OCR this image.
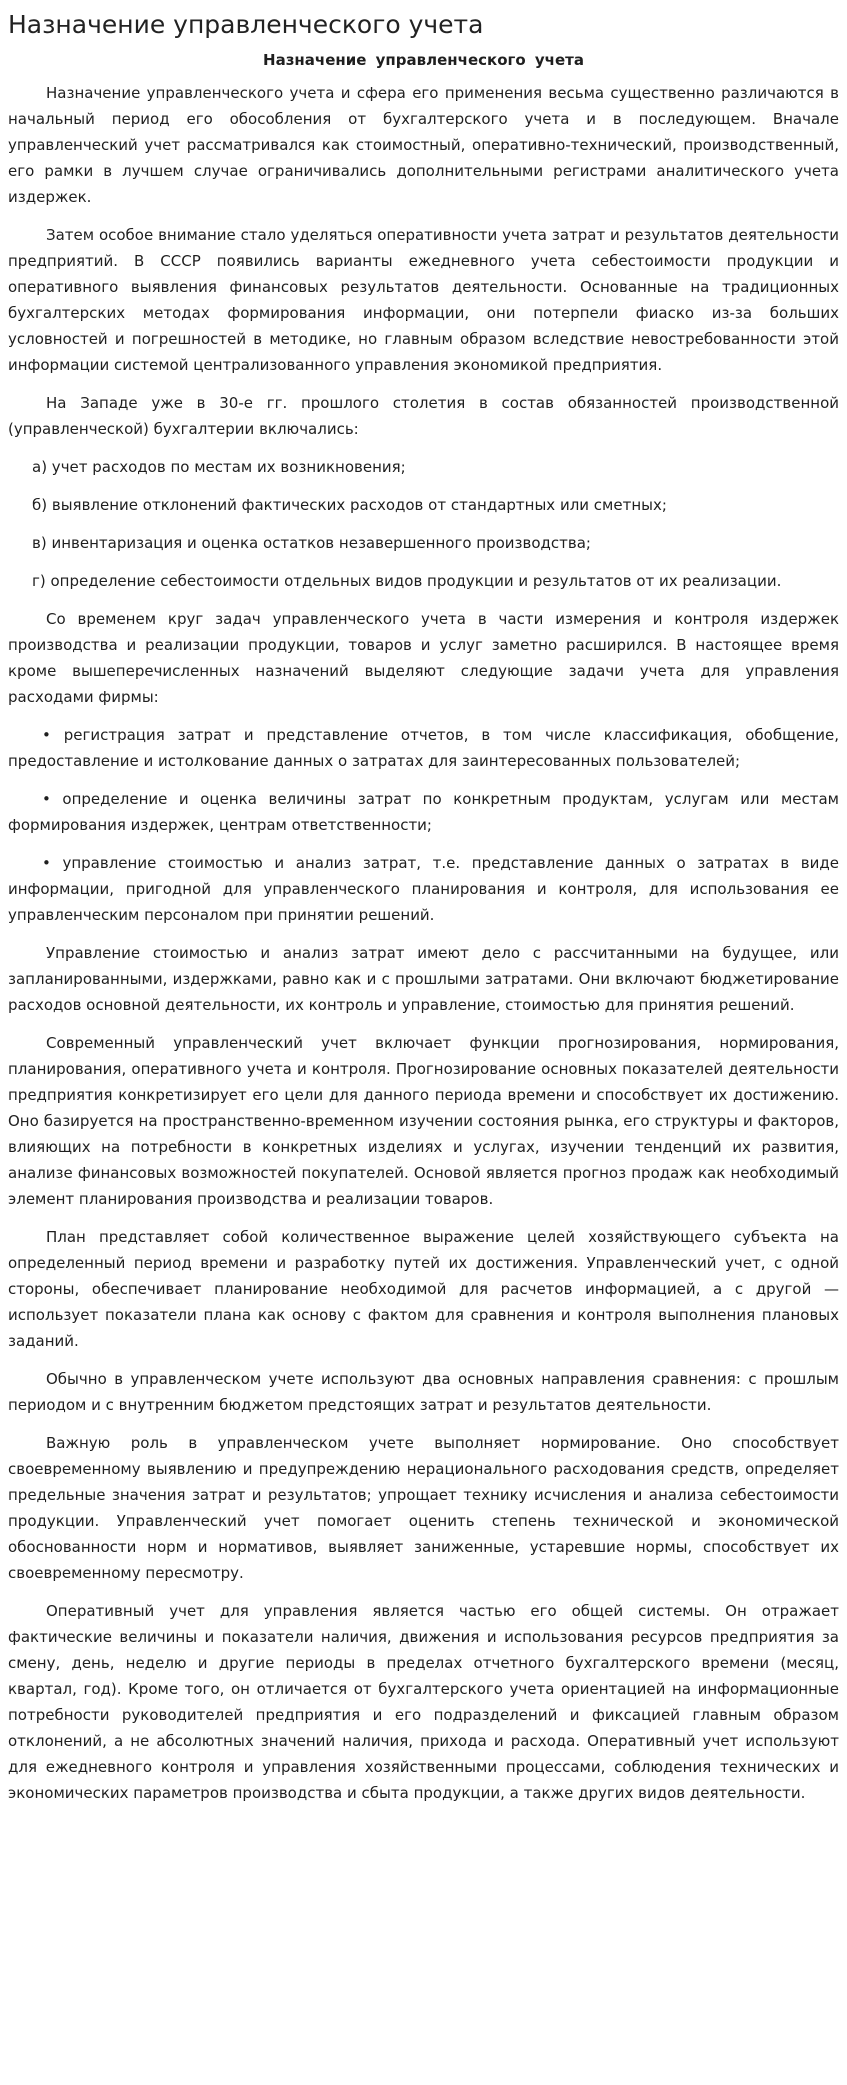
Назначение управленческого учета
Назначение управленческого учета

Назначение управленческого учета и сфера его применения весьма существенно различаются в начальный период его обособления от бухгалтерского учета и в последующем. Вначале управленческий учет рассматривался как стоимостный, оперативно-технический, производственный, его рамки в лучшем случае ограничивались дополнительными регистрами аналитического учета издержек.

Затем особое внимание стало уделяться оперативности учета затрат и результатов деятельности предприятий. В СССР появились варианты ежедневного учета себестоимости продукции и оперативного выявления финансовых результатов деятельности. Основанные на традиционных бухгалтерских методах формирования информации, они потерпели фиаско из-за больших условностей и погрешностей в методике, но главным образом вследствие невостребованности этой информации системой централизованного управления экономикой предприятия.

На Западе уже в 30-е гг. прошлого столетия в состав обязанностей производственной (управленческой) бухгалтерии включались:

а) учет расходов по местам их возникновения;

б) выявление отклонений фактических расходов от стандартных или сметных;

в) инвентаризация и оценка остатков незавершенного производства;

г) определение себестоимости отдельных видов продукции и результатов от их реализации.

Со временем круг задач управленческого учета в части измерения и контроля издержек производства и реализации продукции, товаров и услуг заметно расширился. В настоящее время кроме вышеперечисленных назначений выделяют следующие задачи учета для управления расходами фирмы:

• регистрация затрат и представление отчетов, в том числе классификация, обобщение, предоставление и истолкование данных о затратах для заинтересованных пользователей;

• определение и оценка величины затрат по конкретным продуктам, услугам или местам формирования издержек, центрам ответственности;

• управление стоимостью и анализ затрат, т.е. представление данных о затратах в виде информации, пригодной для управленческого планирования и контроля, для использования ее управленческим персоналом при принятии решений.

Управление стоимостью и анализ затрат имеют дело с рассчитанными на будущее, или запланированными, издержками, равно как и с прошлыми затратами. Они включают бюджетирование расходов основной деятельности, их контроль и управление, стоимостью для принятия решений.

Современный управленческий учет включает функции прогнозирования, нормирования, планирования, оперативного учета и контроля. Прогнозирование основных показателей деятельности предприятия конкретизирует его цели для данного периода времени и способствует их достижению. Оно базируется на пространственно-временном изучении состояния рынка, его структуры и факторов, влияющих на потребности в конкретных изделиях и услугах, изучении тенденций их развития, анализе финансовых возможностей покупателей. Основой является прогноз продаж как необходимый элемент планирования производства и реализации товаров.

План представляет собой количественное выражение целей хозяйствующего субъекта на определенный период времени и разработку путей их достижения. Управленческий учет, с одной стороны, обеспечивает планирование необходимой для расчетов информацией, а с другой — использует показатели плана как основу с фактом для сравнения и контроля выполнения плановых заданий.

Обычно в управленческом учете используют два основных направления сравнения: с прошлым периодом и с внутренним бюджетом предстоящих затрат и результатов деятельности.

Важную роль в управленческом учете выполняет нормирование. Оно способствует своевременному выявлению и предупреждению нерационального расходования средств, определяет предельные значения затрат и результатов; упрощает технику исчисления и анализа себестоимости продукции. Управленческий учет помогает оценить степень технической и экономической обоснованности норм и нормативов, выявляет заниженные, устаревшие нормы, способствует их своевременному пересмотру.

Оперативный учет для управления является частью его общей системы. Он отражает фактические величины и показатели наличия, движения и использования ресурсов предприятия за смену, день, неделю и другие периоды в пределах отчетного бухгалтерского времени (месяц, квартал, год). Кроме того, он отличается от бухгалтерского учета ориентацией на информационные потребности руководителей предприятия и его подразделений и фиксацией главным образом отклонений, а не абсолютных значений наличия, прихода и расхода. Оперативный учет используют для ежедневного контроля и управления хозяйственными процессами, соблюдения технических и экономических параметров производства и сбыта продукции, а также других видов деятельности.
